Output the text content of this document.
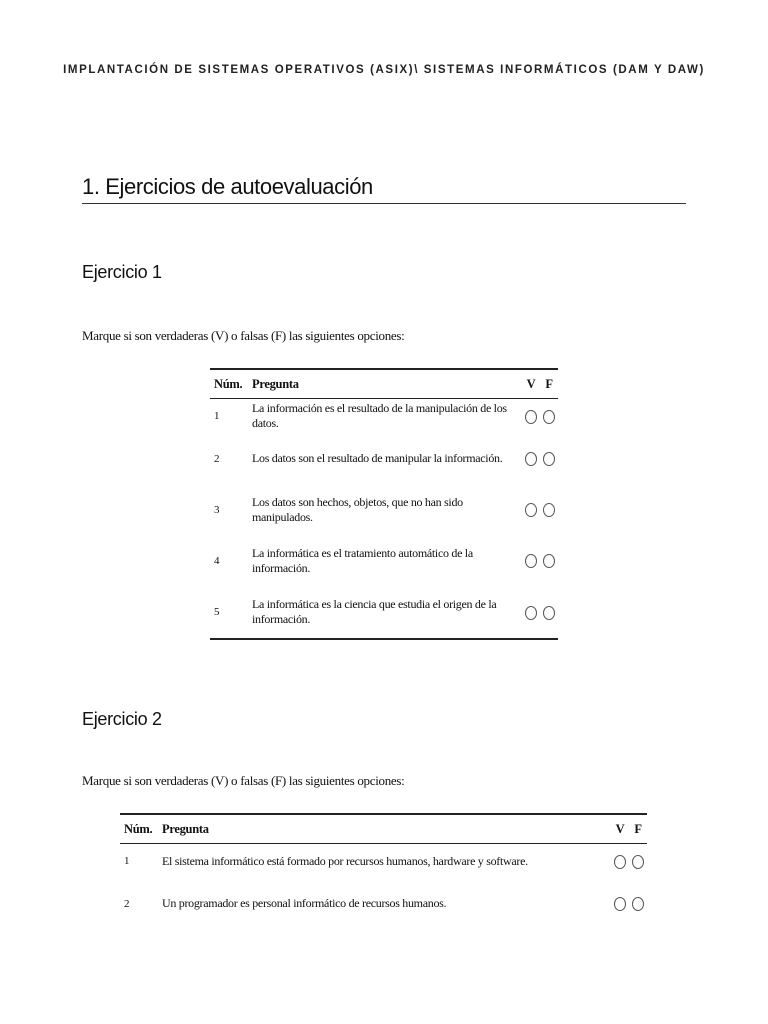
IMPLANTACIÓN DE SISTEMAS OPERATIVOS (ASIX)\ SISTEMAS INFORMÁTICOS (DAM Y DAW)
1. Ejercicios de autoevaluación
Ejercicio 1

Marque si son verdaderas (V) o falsas (F) las siguientes opciones:

Núm.	Pregunta	V	F
1	La información es el resultado de la manipulación de los datos.		
2	Los datos son el resultado de manipular la información.		
3	Los datos son hechos, objetos, que no han sido manipulados.		
4	La informática es el tratamiento automático de la información.		
5	La informática es la ciencia que estudia el origen de la información.		
Ejercicio 2

Marque si son verdaderas (V) o falsas (F) las siguientes opciones:

Núm.	Pregunta	V	F
1	El sistema informático está formado por recursos humanos, hardware y software.		
2	Un programador es personal informático de recursos humanos.		
